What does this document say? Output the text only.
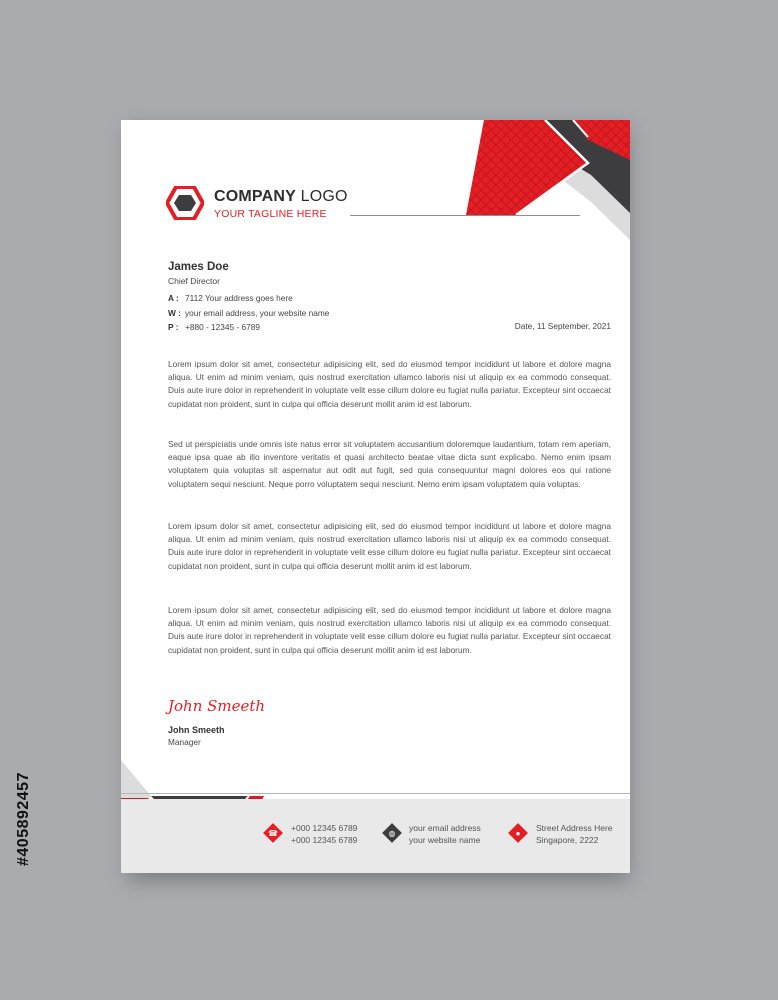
#405892457
COMPANY LOGO
YOUR TAGLINE HERE
James Doe
Chief Director
A : 7112 Your address goes here
W : your email address, your website name
P : +880 - 12345 - 6789	Date, 11 September, 2021

Lorem ipsum dolor sit amet, consectetur adipisicing elit, sed do eiusmod tempor incididunt ut labore et dolore magna aliqua. Ut enim ad minim veniam, quis nostrud exercitation ullamco laboris nisi ut aliquip ex ea commodo consequat. Duis aute irure dolor in reprehenderit in voluptate velit esse cillum dolore eu fugiat nulla pariatur. Excepteur sint occaecat cupidatat non proident, sunt in culpa qui officia deserunt mollit anim id est laborum.

Sed ut perspiciatis unde omnis iste natus error sit voluptatem accusantium doloremque laudantium, totam rem aperiam, eaque ipsa quae ab illo inventore veritatis et quasi architecto beatae vitae dicta sunt explicabo. Nemo enim ipsam voluptatem quia voluptas sit aspernatur aut odit aut fugit, sed quia consequuntur magni dolores eos qui ratione voluptatem sequi nesciunt. Neque porro voluptatem sequi nesciunt. Nemo enim ipsam voluptatem quia voluptas.

Lorem ipsum dolor sit amet, consectetur adipisicing elit, sed do eiusmod tempor incididunt ut labore et dolore magna aliqua. Ut enim ad minim veniam, quis nostrud exercitation ullamco laboris nisi ut aliquip ex ea commodo consequat. Duis aute irure dolor in reprehenderit in voluptate velit esse cillum dolore eu fugiat nulla pariatur. Excepteur sint occaecat cupidatat non proident, sunt in culpa qui officia deserunt mollit anim id est laborum.

Lorem ipsum dolor sit amet, consectetur adipisicing elit, sed do eiusmod tempor incididunt ut labore et dolore magna aliqua. Ut enim ad minim veniam, quis nostrud exercitation ullamco laboris nisi ut aliquip ex ea commodo consequat. Duis aute irure dolor in reprehenderit in voluptate velit esse cillum dolore eu fugiat nulla pariatur. Excepteur sint occaecat cupidatat non proident, sunt in culpa qui officia deserunt mollit anim id est laborum.

John Smeeth
John Smeeth
Manager
☎ +000 12345 6789
+000 12345 6789
◍	your email address
your website name
●	Street Address Here
Singapore, 2222
